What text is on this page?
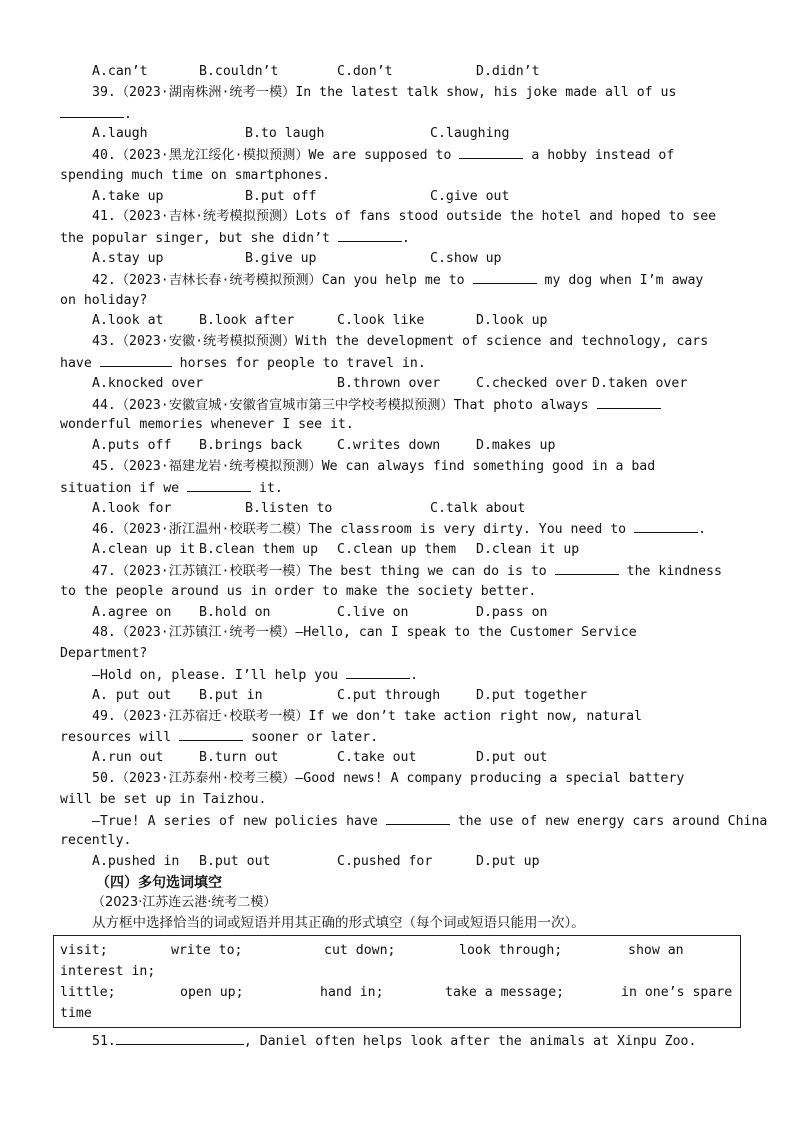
A.can’t	B.couldn’t	C.don’t	D.didn’t
39.（2023·湖南株洲·统考一模）In the latest talk show, his joke made all of us
.
A.laugh	B.to laugh	C.laughing
40.（2023·黑龙江绥化·模拟预测）We are supposed to	a hobby instead of
spending much time on smartphones.
A.take up	B.put off	C.give out
41.（2023·吉林·统考模拟预测）Lots of fans stood outside the hotel and hoped to see
the popular singer, but she didn’t	.
A.stay up	B.give up	C.show up
42.（2023·吉林长春·统考模拟预测）Can you help me to	my dog when I’m away
on holiday?
A.look at	B.look after	C.look like	D.look up
43.（2023·安徽·统考模拟预测）With the development of science and technology, cars
have	horses for people to travel in.
A.knocked over	B.thrown over	C.checked over D.taken over
44.（2023·安徽宣城·安徽省宣城市第三中学校考模拟预测）That photo always
wonderful memories whenever I see it.
A.puts off B.brings back	C.writes down	D.makes up
45.（2023·福建龙岩·统考模拟预测）We can always find something good in a bad
situation if we	it.
A.look for	B.listen to	C.talk about
46.（2023·浙江温州·校联考二模）The classroom is very dirty. You need to	.
A.clean up it B.clean them up C.clean up them D.clean it up
47.（2023·江苏镇江·校联考一模）The best thing we can do is to	the kindness
to the people around us in order to make the society better.
A.agree on B.hold on	C.live on	D.pass on
48.（2023·江苏镇江·统考一模）—Hello, can I speak to the Customer Service
Department?
—Hold on, please. I’ll help you	.
A. put out B.put in	C.put through	D.put together
49.（2023·江苏宿迁·校联考一模）If we don’t take action right now, natural
resources will	sooner or later.
A.run out	B.turn out	C.take out	D.put out
50.（2023·江苏泰州·校考三模）—Good news! A company producing a special battery
will be set up in Taizhou.
—True! A series of new policies have	the use of new energy cars around China
recently.
A.pushed in B.put out	C.pushed for	D.put up
（四）多句选词填空
（2023·江苏连云港·统考二模）
从方框中选择恰当的词或短语并用其正确的形式填空（每个词或短语只能用一次）。
visit;	write to;	cut down;	look through;	show an
interest in;
little;	open up;	hand in;	take a message;	in one’s spare
time
51.	, Daniel often helps look after the animals at Xinpu Zoo.
